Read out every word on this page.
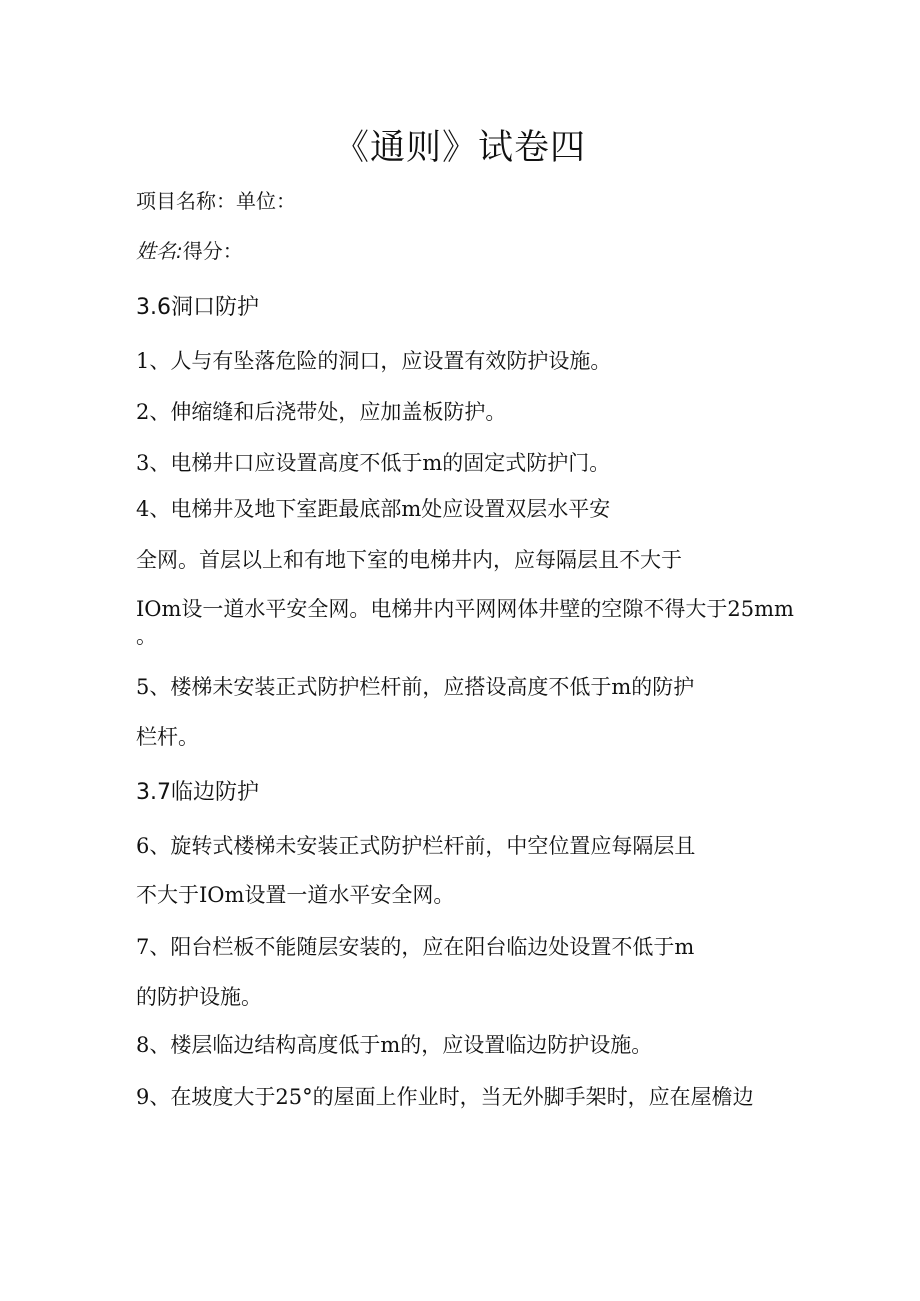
《通则》试卷四
项目名称：单位：
姓名:得分：
3.6洞口防护
1、人与有坠落危险的洞口，应设置有效防护设施。
2、伸缩缝和后浇带处，应加盖板防护。
3、电梯井口应设置高度不低于m的固定式防护门。
4、电梯井及地下室距最底部m处应设置双层水平安
全网。首层以上和有地下室的电梯井内，应每隔层且不大于
IOm设一道水平安全网。电梯井内平网网体井壁的空隙不得大于25mm
。
5、楼梯未安装正式防护栏杆前，应搭设高度不低于m的防护
栏杆。
3.7临边防护
6、旋转式楼梯未安装正式防护栏杆前，中空位置应每隔层且
不大于IOm设置一道水平安全网。
7、阳台栏板不能随层安装的，应在阳台临边处设置不低于m
的防护设施。
8、楼层临边结构高度低于m的，应设置临边防护设施。
9、在坡度大于25°的屋面上作业时，当无外脚手架时，应在屋檐边
